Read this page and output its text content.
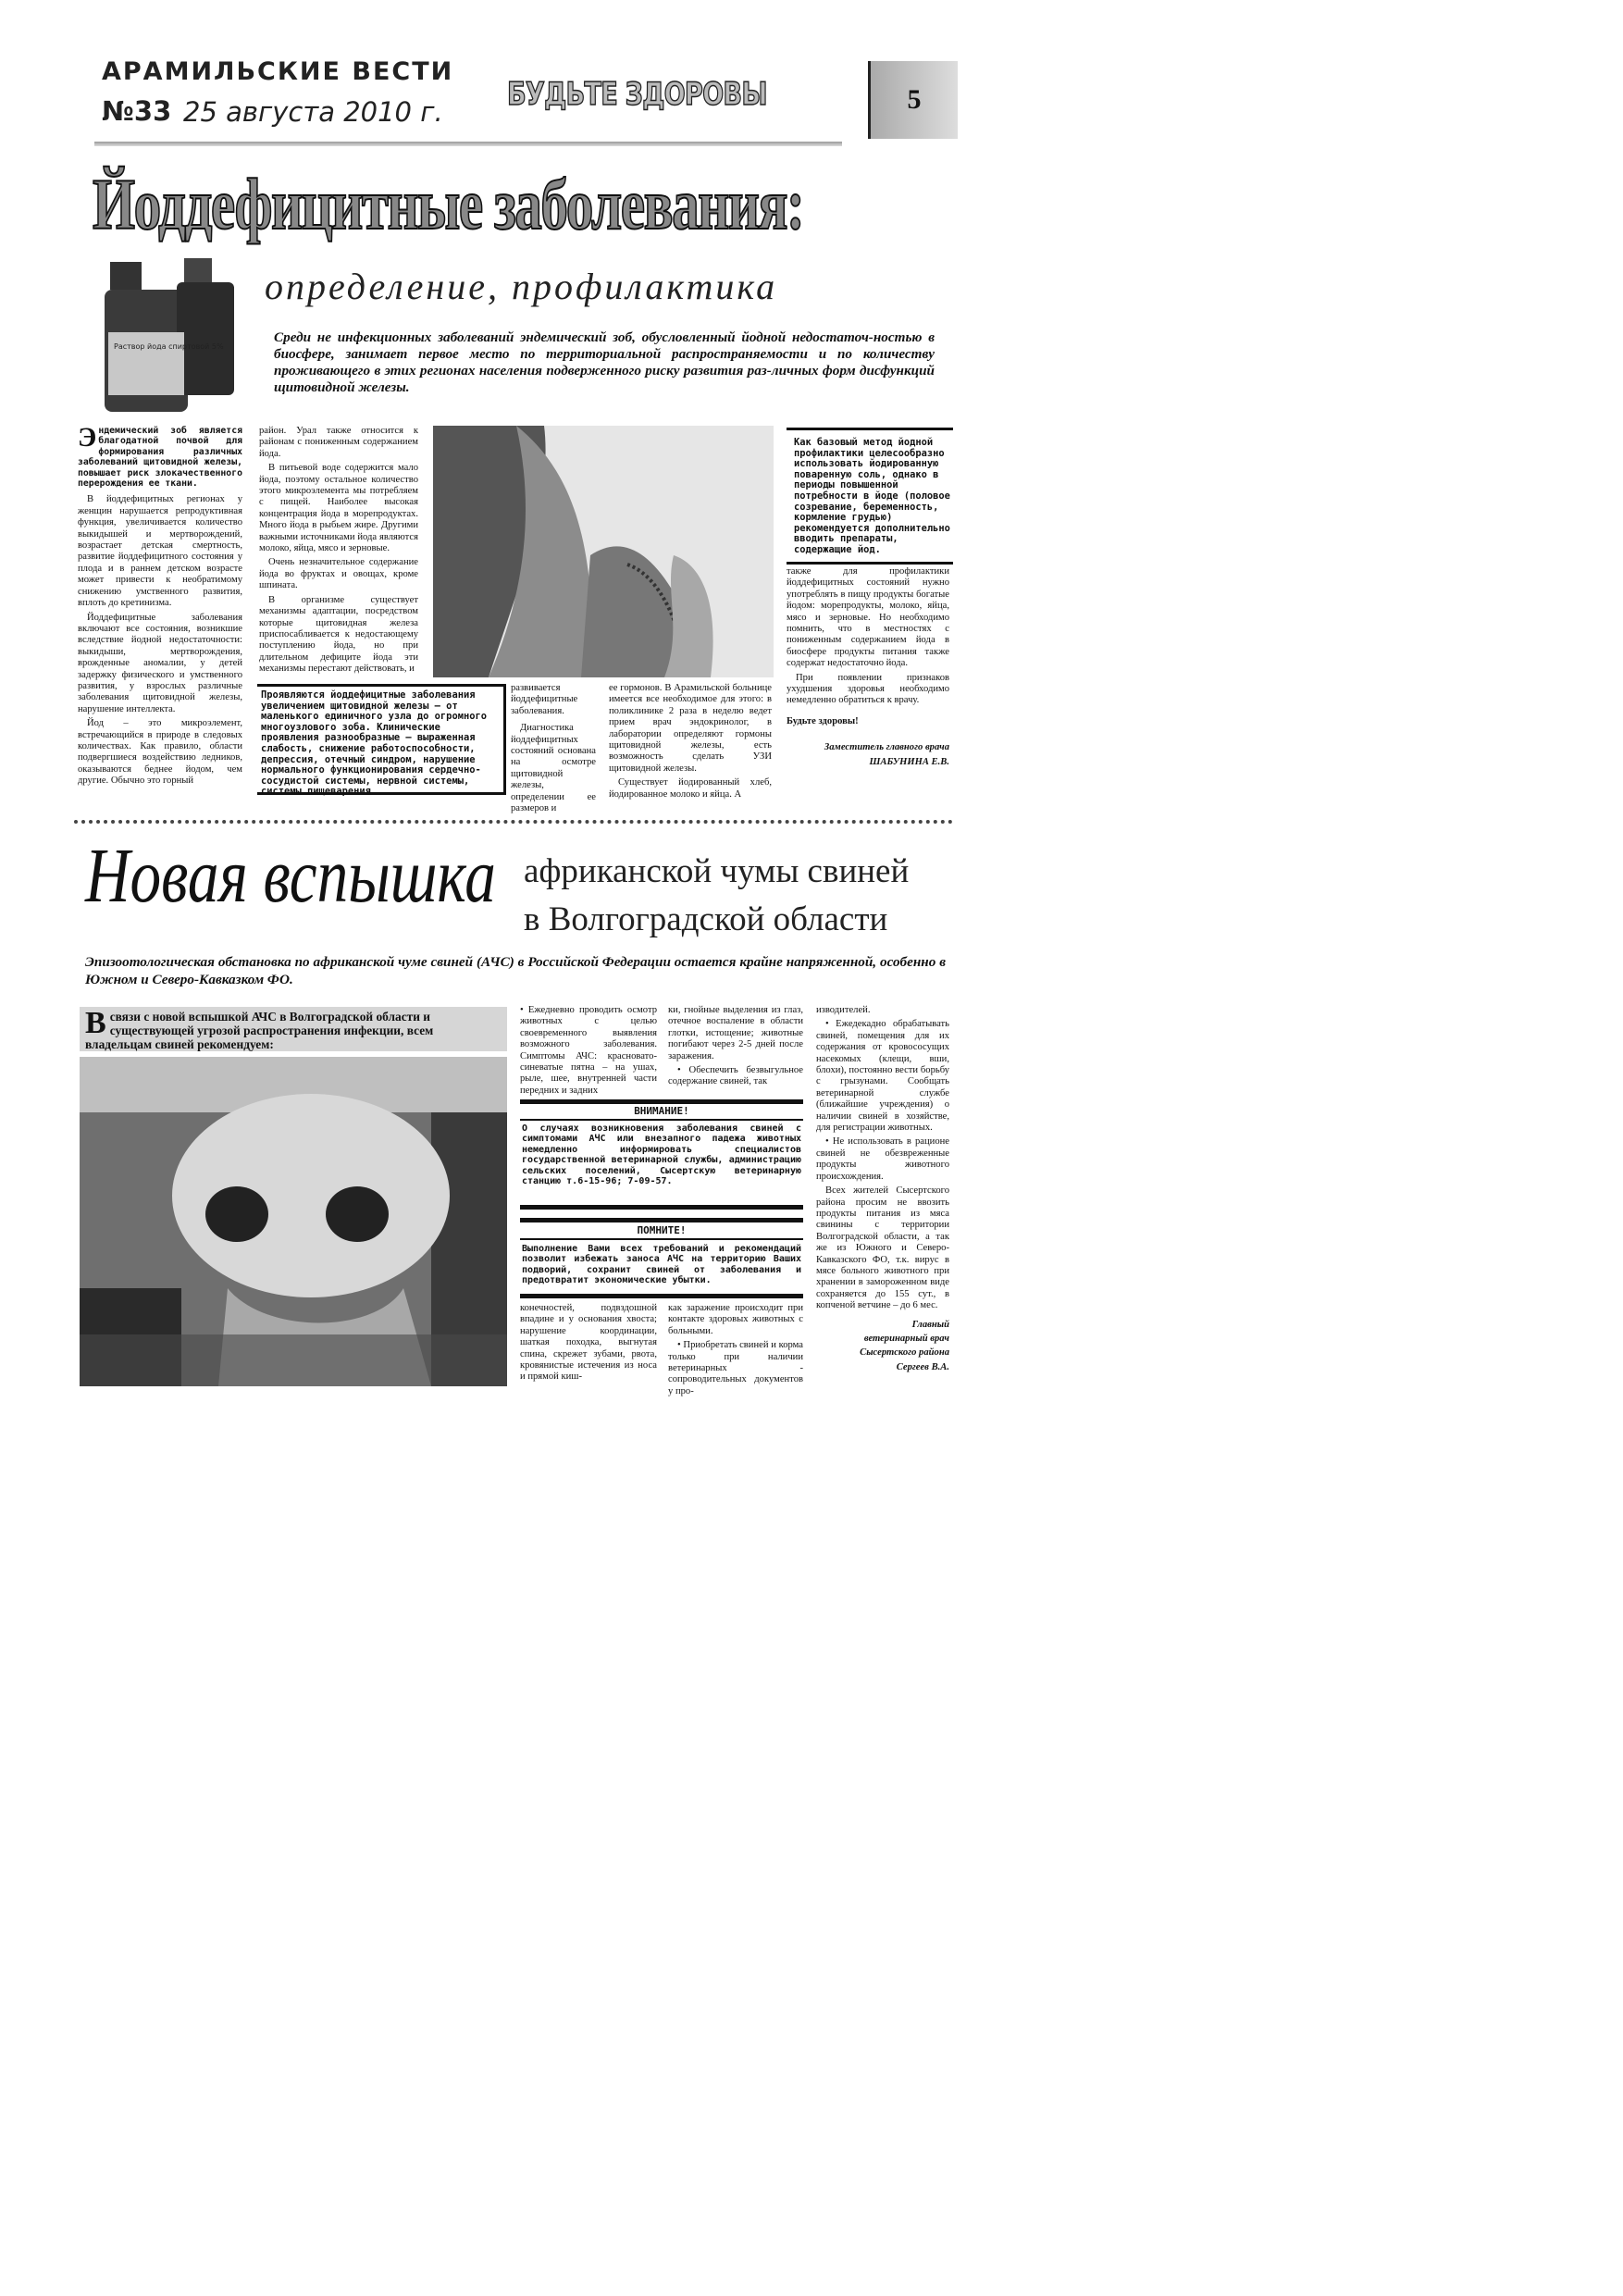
АРАМИЛЬСКИЕ ВЕСТИ
№33 25 августа 2010 г. БУДЬТЕ ЗДОРОВЫ	5
Йоддефицитные заболевания:
Раствор йода спиртовой 5%
определение, профилактика
Среди не инфекционных заболеваний эндемический зоб, обусловленный йодной недостаточ-ностью в биосфере, занимает первое место по территориальной распространяемости и по количеству проживающего в этих регионах населения подверженного риску развития раз-личных форм дисфункций щитовидной железы.

Э ндемический зоб является благодатной почвой для формирования различных заболеваний щитовидной железы, повышает риск злокачественного перерождения ее ткани.

В йоддефицитных регионах у женщин нарушается репродуктивная функция, увеличивается количество выкидышей и мертворождений, возрастает детская смертность, развитие йоддефицитного состояния у плода и в раннем детском возрасте может привести к необратимому снижению умственного развития, вплоть до кретинизма.

Йоддефицитные заболевания включают все состояния, возникшие вследствие йодной недостаточности: выкидыши, мертворождения, врожденные аномалии, у детей задержку физического и умственного развития, у взрослых различные заболевания щитовидной железы, нарушение интеллекта.

Йод – это микроэлемент, встречающийся в природе в следовых количествах. Как правило, области подвергшиеся воздействию ледников, оказываются беднее йодом, чем другие. Обычно это горный

район. Урал также относится к районам с пониженным содержанием йода.

В питьевой воде содержится мало йода, поэтому остальное количество этого микроэлемента мы потребляем с пищей. Наиболее высокая концентрация йода в морепродуктах. Много йода в рыбьем жире. Другими важными источниками йода являются молоко, яйца, мясо и зерновые.

Очень незначительное содержание йода во фруктах и овощах, кроме шпината.

В организме существует механизмы адаптации, посредством которые щитовидная железа приспосабливается к недостающему поступлению йода, но при длительном дефиците йода эти механизмы перестают действовать, и

Как базовый метод йодной профилактики целесообразно использовать йодированную поваренную соль, однако в периоды повышенной потребности в йоде (половое созревание, беременность, кормление грудью) рекомендуется дополнительно вводить препараты, содержащие йод.

также для профилактики йоддефицитных состояний нужно употреблять в пищу продукты богатые йодом: морепродукты, молоко, яйца, мясо и зерновые. Но необходимо помнить, что в местностях с пониженным содержанием йода в биосфере продукты питания также содержат недостаточно йода.

При появлении признаков ухудшения здоровья необходимо немедленно обратиться к врачу.

Будьте здоровы!

Заместитель главного врача

ШАБУНИНА Е.В.

Проявляются йоддефицитные заболевания увеличением щитовидной железы – от маленького единичного узла до огромного многоузлового зоба. Клинические проявления разнообразные – выраженная слабость, снижение работоспособности, депрессия, отечный синдром, нарушение нормального функционирования сердечно-сосудистой системы, нервной системы,

развивается йоддефицитные заболевания.

Диагностика йоддефицитных состояний основана на осмотре щитовидной железы, определении ее размеров и

ее гормонов. В Арамильской больнице имеется все необходимое для этого: в поликлинике 2 раза в неделю ведет прием врач эндокринолог, в лаборатории определяют гормоны щитовидной железы, есть возможность сделать УЗИ щитовидной железы.

Существует йодированный хлеб, йодированное молоко и яйца. А

Новая вспышка африканской чумы свиней
в Волгоградской области
Эпизоотологическая обстановка по африканской чуме свиней (АЧС) в Российской Федерации остается крайне напряженной, особенно в Южном и Северо-Кавказком ФО.
В связи с новой вспышкой АЧС в Волгоградской области и существующей угрозой распространения инфекции, всем владельцам свиней рекомендуем:

• Ежедневно проводить осмотр животных с целью своевременного выявления возможного заболевания. Симптомы АЧС: красновато-синеватые пятна – на ушах, рыле, шее, внутренней части передних и задних

ки, гнойные выделения из глаз, отечное воспаление в области глотки, истощение; животные погибают через 2-5 дней после заражения.

• Обеспечить безвыгульное содержание свиней, так

ВНИМАНИЕ!
О случаях возникновения заболевания свиней с симптомами АЧС или внезапного падежа животных немедленно информировать специалистов государственной ветеринарной службы, администрацию сельских поселений, Сысертскую ветеринарную станцию т.6-15-96; 7-09-57.
ПОМНИТЕ!
Выполнение Вами всех требований и рекомендаций позволит избежать заноса АЧС на территорию Ваших подворий, сохранит свиней от заболевания и предотвратит экономические убытки.

конечностей, подвздошной впадине и у основания хвоста; нарушение координации, шаткая походка, выгнутая спина, скрежет зубами, рвота, кровянистые истечения из носа и прямой киш-

как заражение происходит при контакте здоровых животных с больными.

• Приобретать свиней и корма только при наличии ветеринарных - сопроводительных документов у про-

изводителей.

• Ежедекадно обрабатывать свиней, помещения для их содержания от кровососущих насекомых (клещи, вши, блохи), постоянно вести борьбу с грызунами. Сообщать ветеринарной службе (ближайшие учреждения) о наличии свиней в хозяйстве, для регистрации животных.

• Не использовать в рационе свиней не обезвреженные продукты животного происхождения.

Всех жителей Сысертского района просим не ввозить продукты питания из мяса свинины с территории Волгоградской области, а так же из Южного и Северо-Кавказского ФО, т.к. вирус в мясе больного животного при хранении в замороженном виде сохраняется до 155 сут., в копченой ветчине – до 6 мес.

Главный

ветеринарный врач

Сысертского района

Сергеев В.А.
